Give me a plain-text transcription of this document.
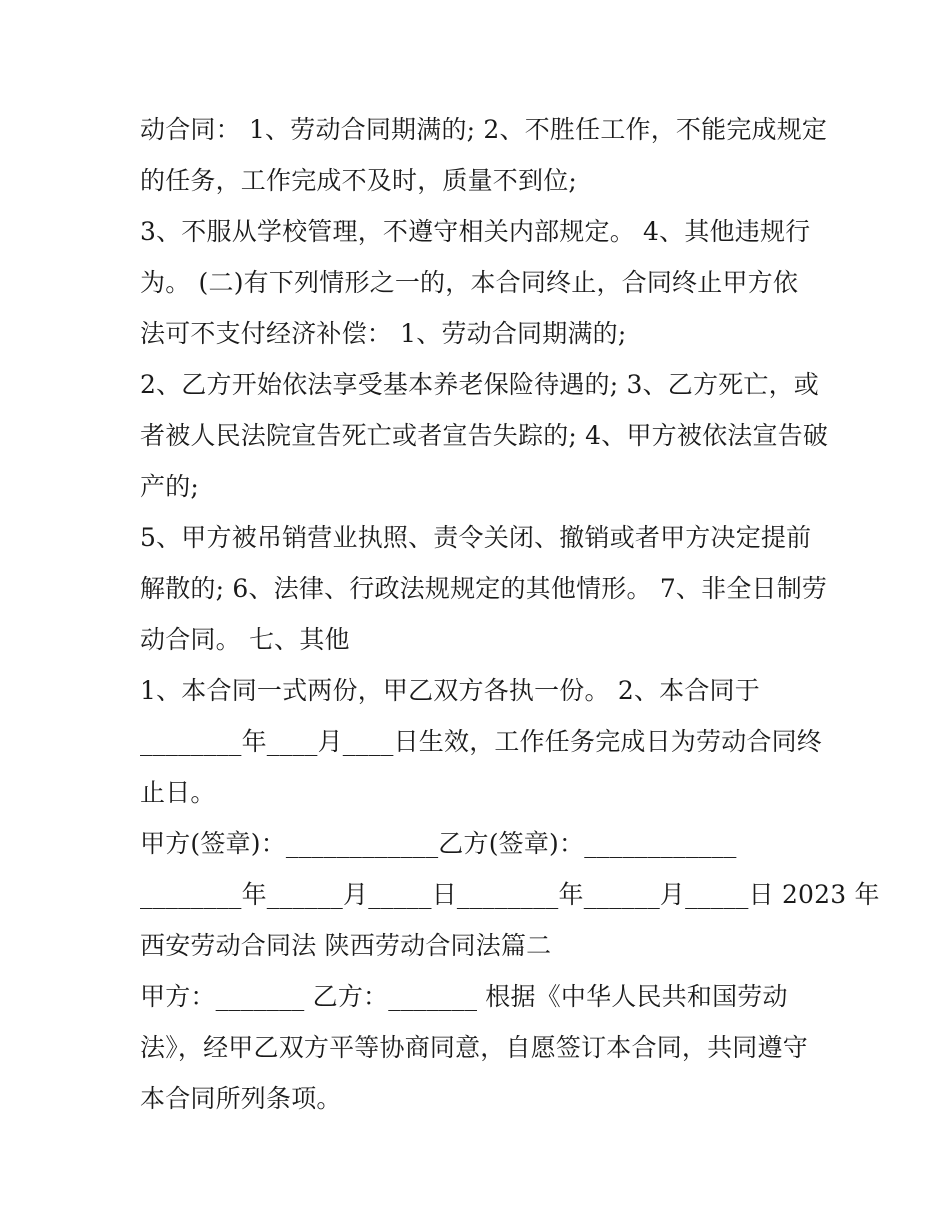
动合同： 1、劳动合同期满的; 2、不胜任工作，不能完成规定
的任务，工作完成不及时，质量不到位;
3、不服从学校管理，不遵守相关内部规定。 4、其他违规行
为。 (二)有下列情形之一的，本合同终止，合同终止甲方依
法可不支付经济补偿： 1、劳动合同期满的;
2、乙方开始依法享受基本养老保险待遇的; 3、乙方死亡，或
者被人民法院宣告死亡或者宣告失踪的; 4、甲方被依法宣告破
产的;
5、甲方被吊销营业执照、责令关闭、撤销或者甲方决定提前
解散的; 6、法律、行政法规规定的其他情形。 7、非全日制劳
动合同。 七、其他
1、本合同一式两份，甲乙双方各执一份。 2、本合同于
________年____月____日生效，工作任务完成日为劳动合同终
止日。
甲方(签章)：____________乙方(签章)：____________
________年______月_____日________年______月_____日 2023 年
西安劳动合同法 陕西劳动合同法篇二
甲方：_______ 乙方：_______ 根据《中华人民共和国劳动
法》，经甲乙双方平等协商同意，自愿签订本合同，共同遵守
本合同所列条项。
